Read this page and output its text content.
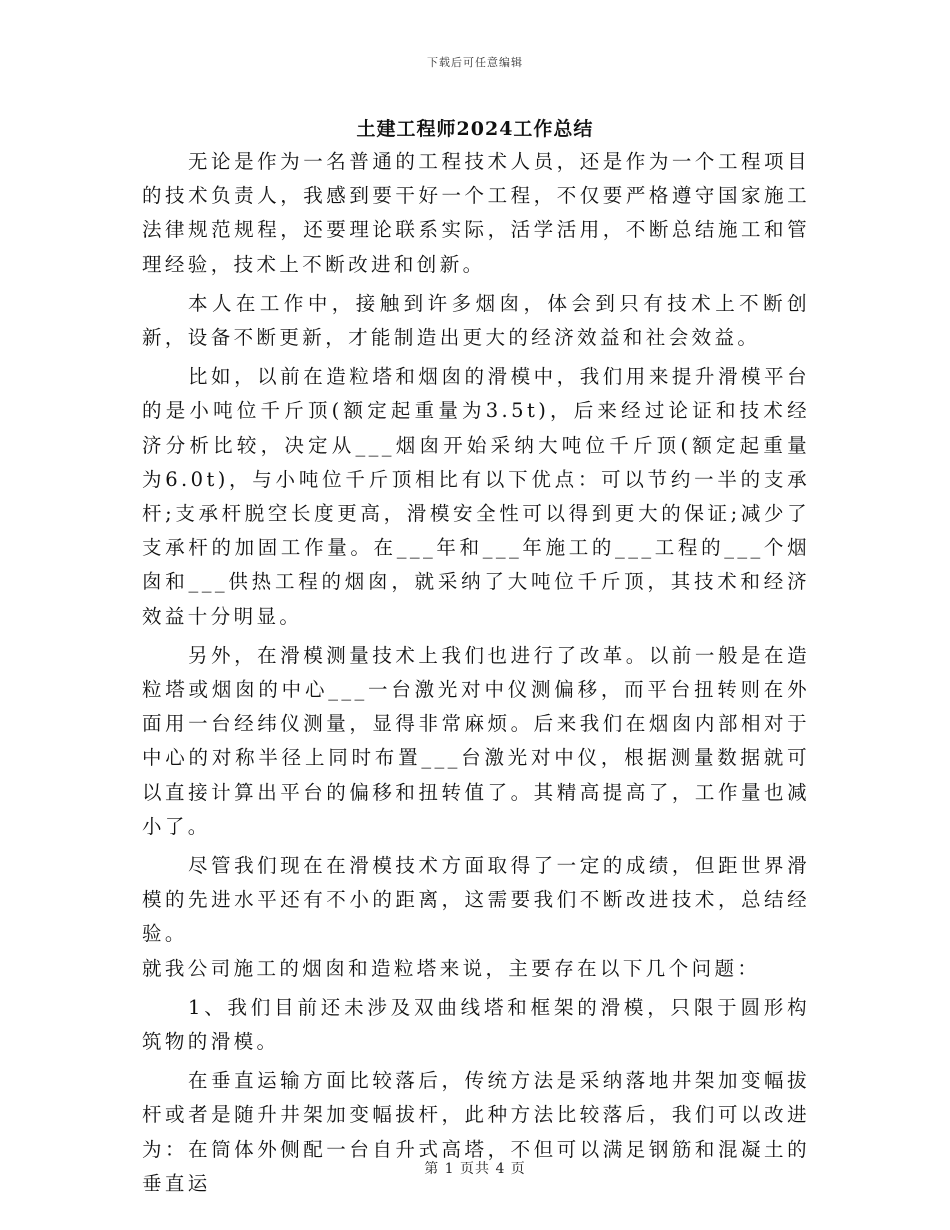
下载后可任意编辑
土建工程师2024工作总结

无论是作为一名普通的工程技术人员，还是作为一个工程项目的技术负责人，我感到要干好一个工程，不仅要严格遵守国家施工法律规范规程，还要理论联系实际，活学活用，不断总结施工和管理经验，技术上不断改进和创新。

本人在工作中，接触到许多烟囱，体会到只有技术上不断创新，设备不断更新，才能制造出更大的经济效益和社会效益。

比如，以前在造粒塔和烟囱的滑模中，我们用来提升滑模平台的是小吨位千斤顶(额定起重量为3.5t)，后来经过论证和技术经济分析比较，决定从___烟囱开始采纳大吨位千斤顶(额定起重量为6.0t)，与小吨位千斤顶相比有以下优点：可以节约一半的支承杆;支承杆脱空长度更高，滑模安全性可以得到更大的保证;减少了支承杆的加固工作量。在___年和___年施工的___工程的___个烟囱和___供热工程的烟囱，就采纳了大吨位千斤顶，其技术和经济效益十分明显。

另外，在滑模测量技术上我们也进行了改革。以前一般是在造粒塔或烟囱的中心___一台激光对中仪测偏移，而平台扭转则在外面用一台经纬仪测量，显得非常麻烦。后来我们在烟囱内部相对于中心的对称半径上同时布置___台激光对中仪，根据测量数据就可以直接计算出平台的偏移和扭转值了。其精高提高了，工作量也减小了。

尽管我们现在在滑模技术方面取得了一定的成绩，但距世界滑模的先进水平还有不小的距离，这需要我们不断改进技术，总结经验。

就我公司施工的烟囱和造粒塔来说，主要存在以下几个问题：

1、我们目前还未涉及双曲线塔和框架的滑模，只限于圆形构筑物的滑模。

在垂直运输方面比较落后，传统方法是采纳落地井架加变幅拔杆或者是随升井架加变幅拔杆，此种方法比较落后，我们可以改进为：在筒体外侧配一台自升式高塔，不但可以满足钢筋和混凝土的垂直运

第 1 页共 4 页
